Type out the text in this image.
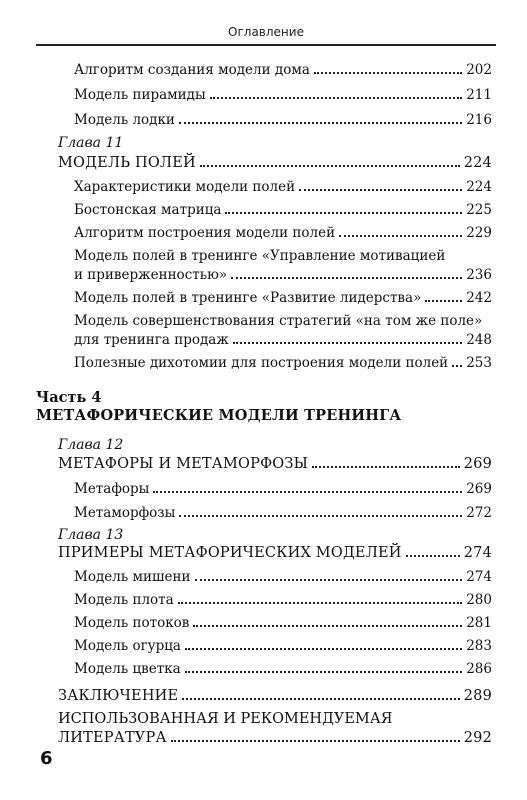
Оглавление
Алгоритм создания модели дома	202
Модель пирамиды	211
Модель лодки	216
Глава 11
МОДЕЛЬ ПОЛЕЙ	224
Характеристики модели полей	224
Бостонская матрица	225
Алгоритм построения модели полей	229
Модель полей в тренинге «Управление мотивацией
и приверженностью»	236
Модель полей в тренинге «Развитие лидерства»	242
Модель совершенствования стратегий «на том же поле»
для тренинга продаж	248
Полезные дихотомии для построения модели полей 253
Часть 4
МЕТАФОРИЧЕСКИЕ МОДЕЛИ ТРЕНИНГА
Глава 12
МЕТАФОРЫ И МЕТАМОРФОЗЫ	269
Метафоры	269
Метаморфозы	272
Глава 13
ПРИМЕРЫ МЕТАФОРИЧЕСКИХ МОДЕЛЕЙ	274
Модель мишени	274
Модель плота	280
Модель потоков	281
Модель огурца	283
Модель цветка	286
ЗАКЛЮЧЕНИЕ	289
ИСПОЛЬЗОВАННАЯ И РЕКОМЕНДУЕМАЯ
ЛИТЕРАТУРА	292
6
